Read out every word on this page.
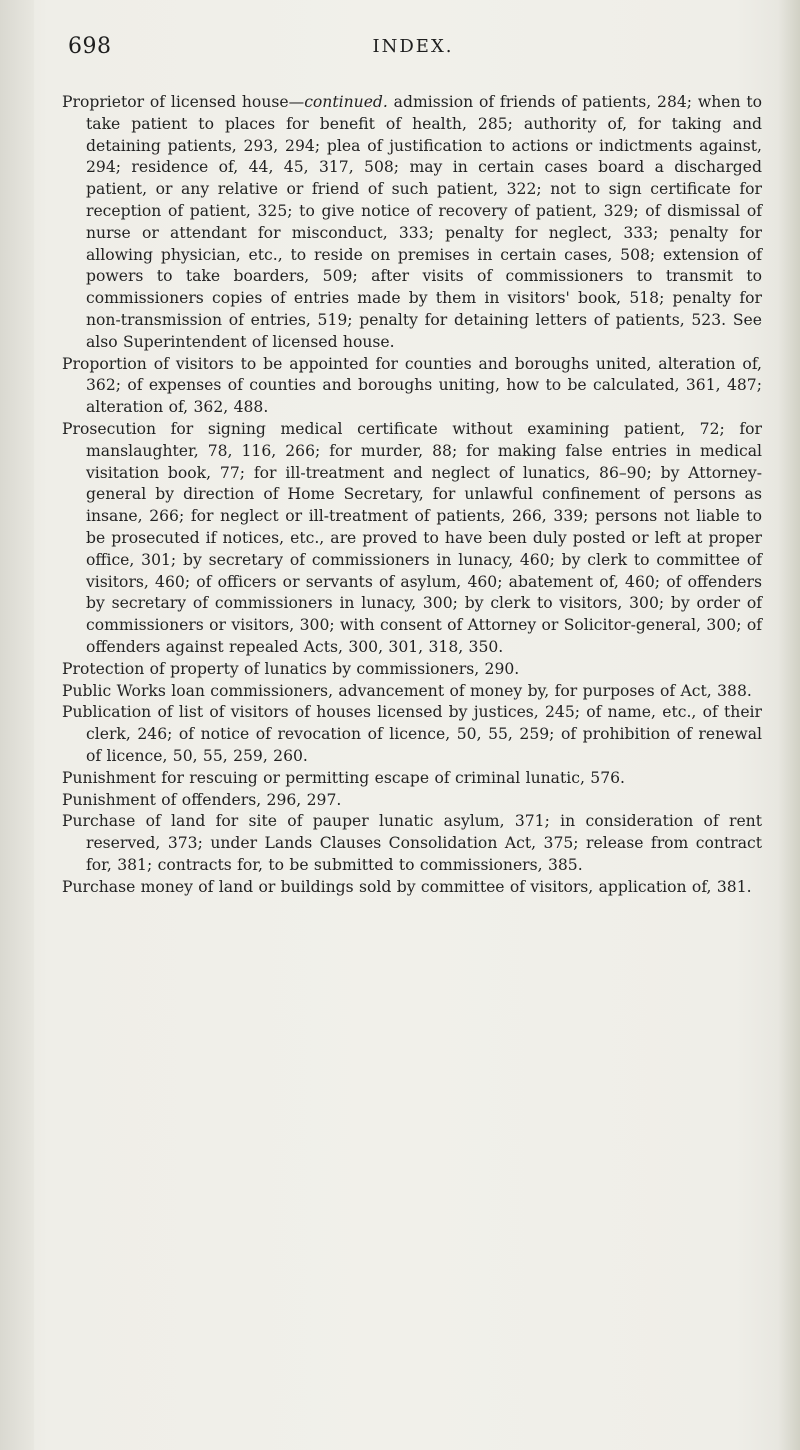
698	INDEX.

Proprietor of licensed house—continued. admission of friends of patients, 284; when to take patient to places for benefit of health, 285; authority of, for taking and detaining patients, 293, 294; plea of justification to actions or indictments against, 294; residence of, 44, 45, 317, 508; may in certain cases board a discharged patient, or any relative or friend of such patient, 322; not to sign certificate for reception of patient, 325; to give notice of recovery of patient, 329; of dismissal of nurse or attendant for misconduct, 333; penalty for neglect, 333; penalty for allowing physician, etc., to reside on premises in certain cases, 508; extension of powers to take boarders, 509; after visits of commissioners to transmit to commissioners copies of entries made by them in visitors' book, 518; penalty for non-transmission of entries, 519; penalty for detaining letters of patients, 523. See also Superintendent of licensed house.

Proportion of visitors to be appointed for counties and boroughs united, alteration of, 362; of expenses of counties and boroughs uniting, how to be calculated, 361, 487; alteration of, 362, 488.

Prosecution for signing medical certificate without examining patient, 72; for manslaughter, 78, 116, 266; for murder, 88; for making false entries in medical visitation book, 77; for ill-treatment and neglect of lunatics, 86–90; by Attorney-general by direction of Home Secretary, for unlawful confinement of persons as insane, 266; for neglect or ill-treatment of patients, 266, 339; persons not liable to be prosecuted if notices, etc., are proved to have been duly posted or left at proper office, 301; by secretary of commissioners in lunacy, 460; by clerk to committee of visitors, 460; of officers or servants of asylum, 460; abatement of, 460; of offenders by secretary of commissioners in lunacy, 300; by clerk to visitors, 300; by order of commissioners or visitors, 300; with consent of Attorney or Solicitor-general, 300; of offenders against repealed Acts, 300, 301, 318, 350.

Protection of property of lunatics by commissioners, 290.

Public Works loan commissioners, advancement of money by, for purposes of Act, 388.

Publication of list of visitors of houses licensed by justices, 245; of name, etc., of their clerk, 246; of notice of revocation of licence, 50, 55, 259; of prohibition of renewal of licence, 50, 55, 259, 260.

Punishment for rescuing or permitting escape of criminal lunatic, 576.

Punishment of offenders, 296, 297.

Purchase of land for site of pauper lunatic asylum, 371; in consideration of rent reserved, 373; under Lands Clauses Consolidation Act, 375; release from contract for, 381; contracts for, to be submitted to commissioners, 385.

Purchase money of land or buildings sold by committee of visitors, application of, 381.
